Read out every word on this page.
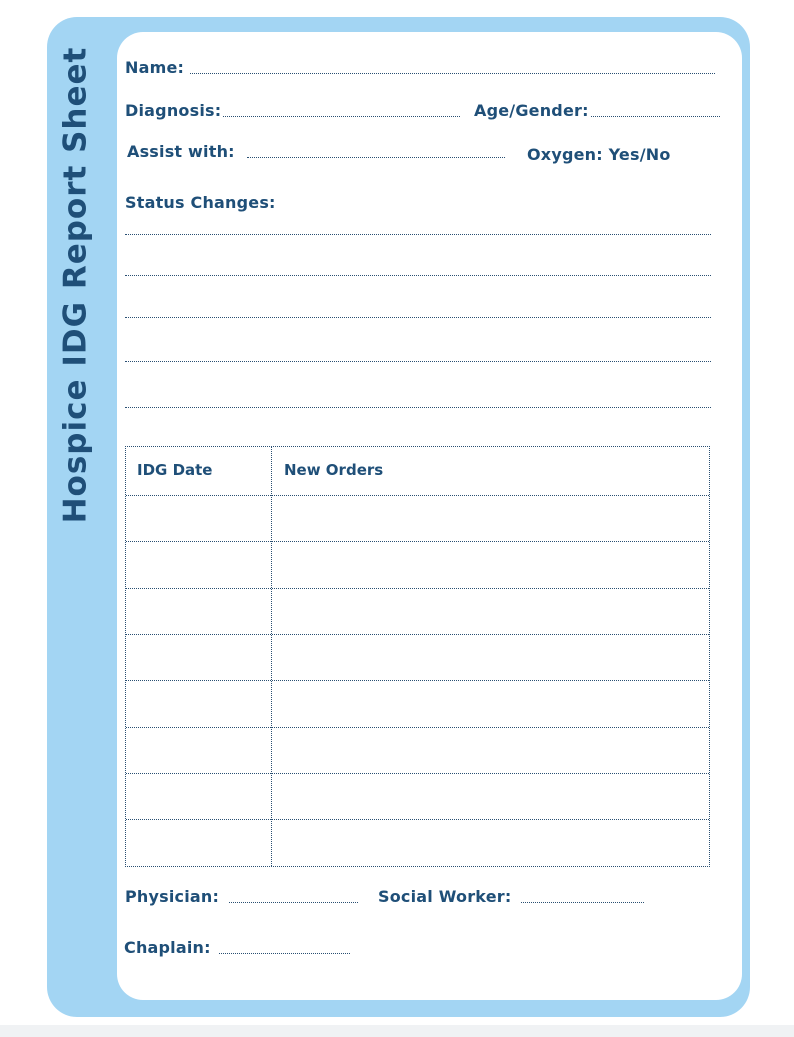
Hospice IDG Report Sheet Name:
Diagnosis:	Age/Gender:
Assist with:	Oxygen: Yes/No
Status Changes:
IDG Date	New Orders
Physician:	Social Worker:
Chaplain:
